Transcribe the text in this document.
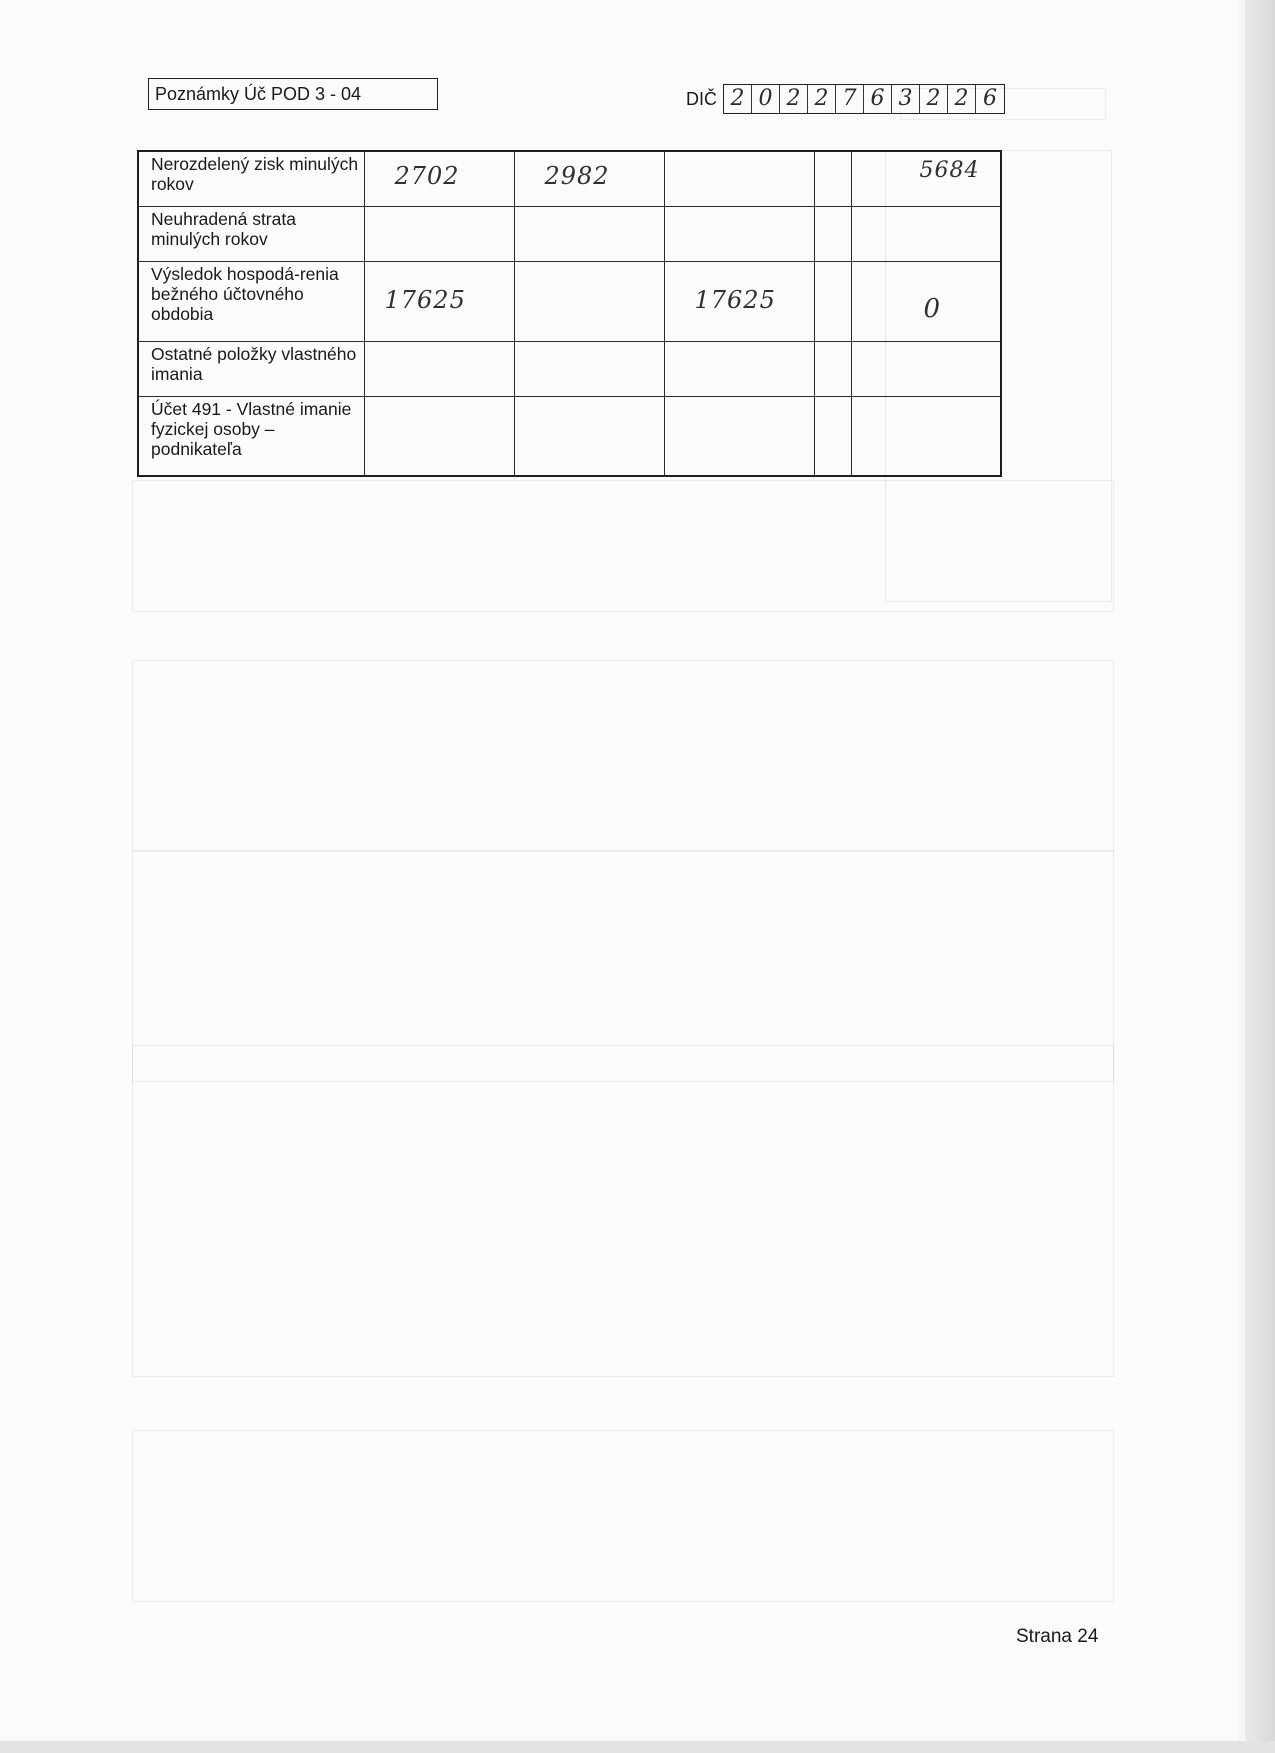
Poznámky Úč POD 3 - 04	DIČ 2 0 2 2 7 6 3 2 2 6
Nerozdelený zisk minulých rokov	2702	2982			5684

Neuhradená strata minulých rokov	

Výsledok hospodá-renia bežného účtovného obdobia	17625		17625		0

Ostatné položky vlastného imania	

Účet 491 - Vlastné imanie fyzickej osoby – podnikateľa	

Strana 24
